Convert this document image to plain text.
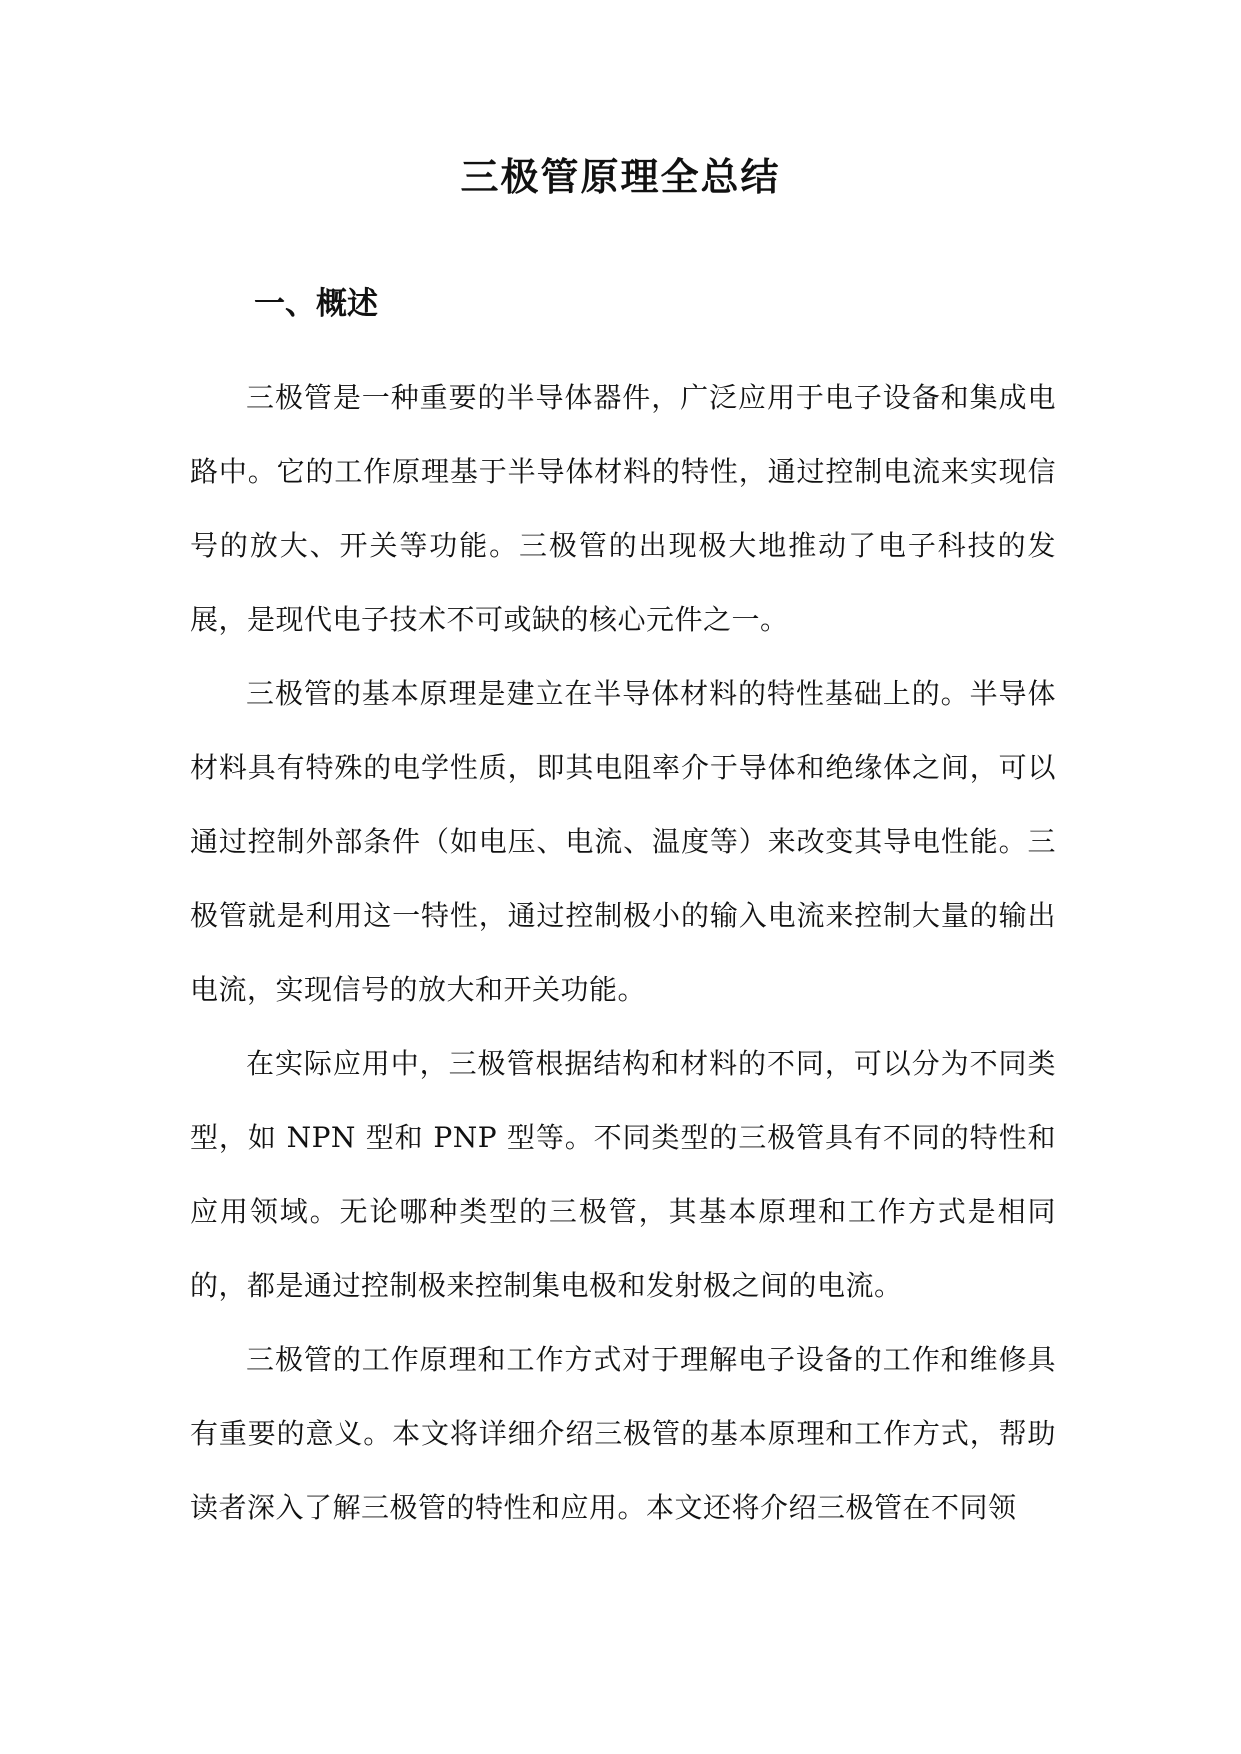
三极管原理全总结
一、概述

三极管是一种重要的半导体器件，广泛应用于电子设备和集成电路中。它的工作原理基于半导体材料的特性，通过控制电流来实现信号的放大、开关等功能。三极管的出现极大地推动了电子科技的发展，是现代电子技术不可或缺的核心元件之一。

三极管的基本原理是建立在半导体材料的特性基础上的。半导体材料具有特殊的电学性质，即其电阻率介于导体和绝缘体之间，可以通过控制外部条件（如电压、电流、温度等）来改变其导电性能。三极管就是利用这一特性，通过控制极小的输入电流来控制大量的输出电流，实现信号的放大和开关功能。

在实际应用中，三极管根据结构和材料的不同，可以分为不同类型，如 NPN 型和 PNP 型等。不同类型的三极管具有不同的特性和应用领域。无论哪种类型的三极管，其基本原理和工作方式是相同的，都是通过控制极来控制集电极和发射极之间的电流。

三极管的工作原理和工作方式对于理解电子设备的工作和维修具有重要的意义。本文将详细介绍三极管的基本原理和工作方式，帮助读者深入了解三极管的特性和应用。本文还将介绍三极管在不同领
